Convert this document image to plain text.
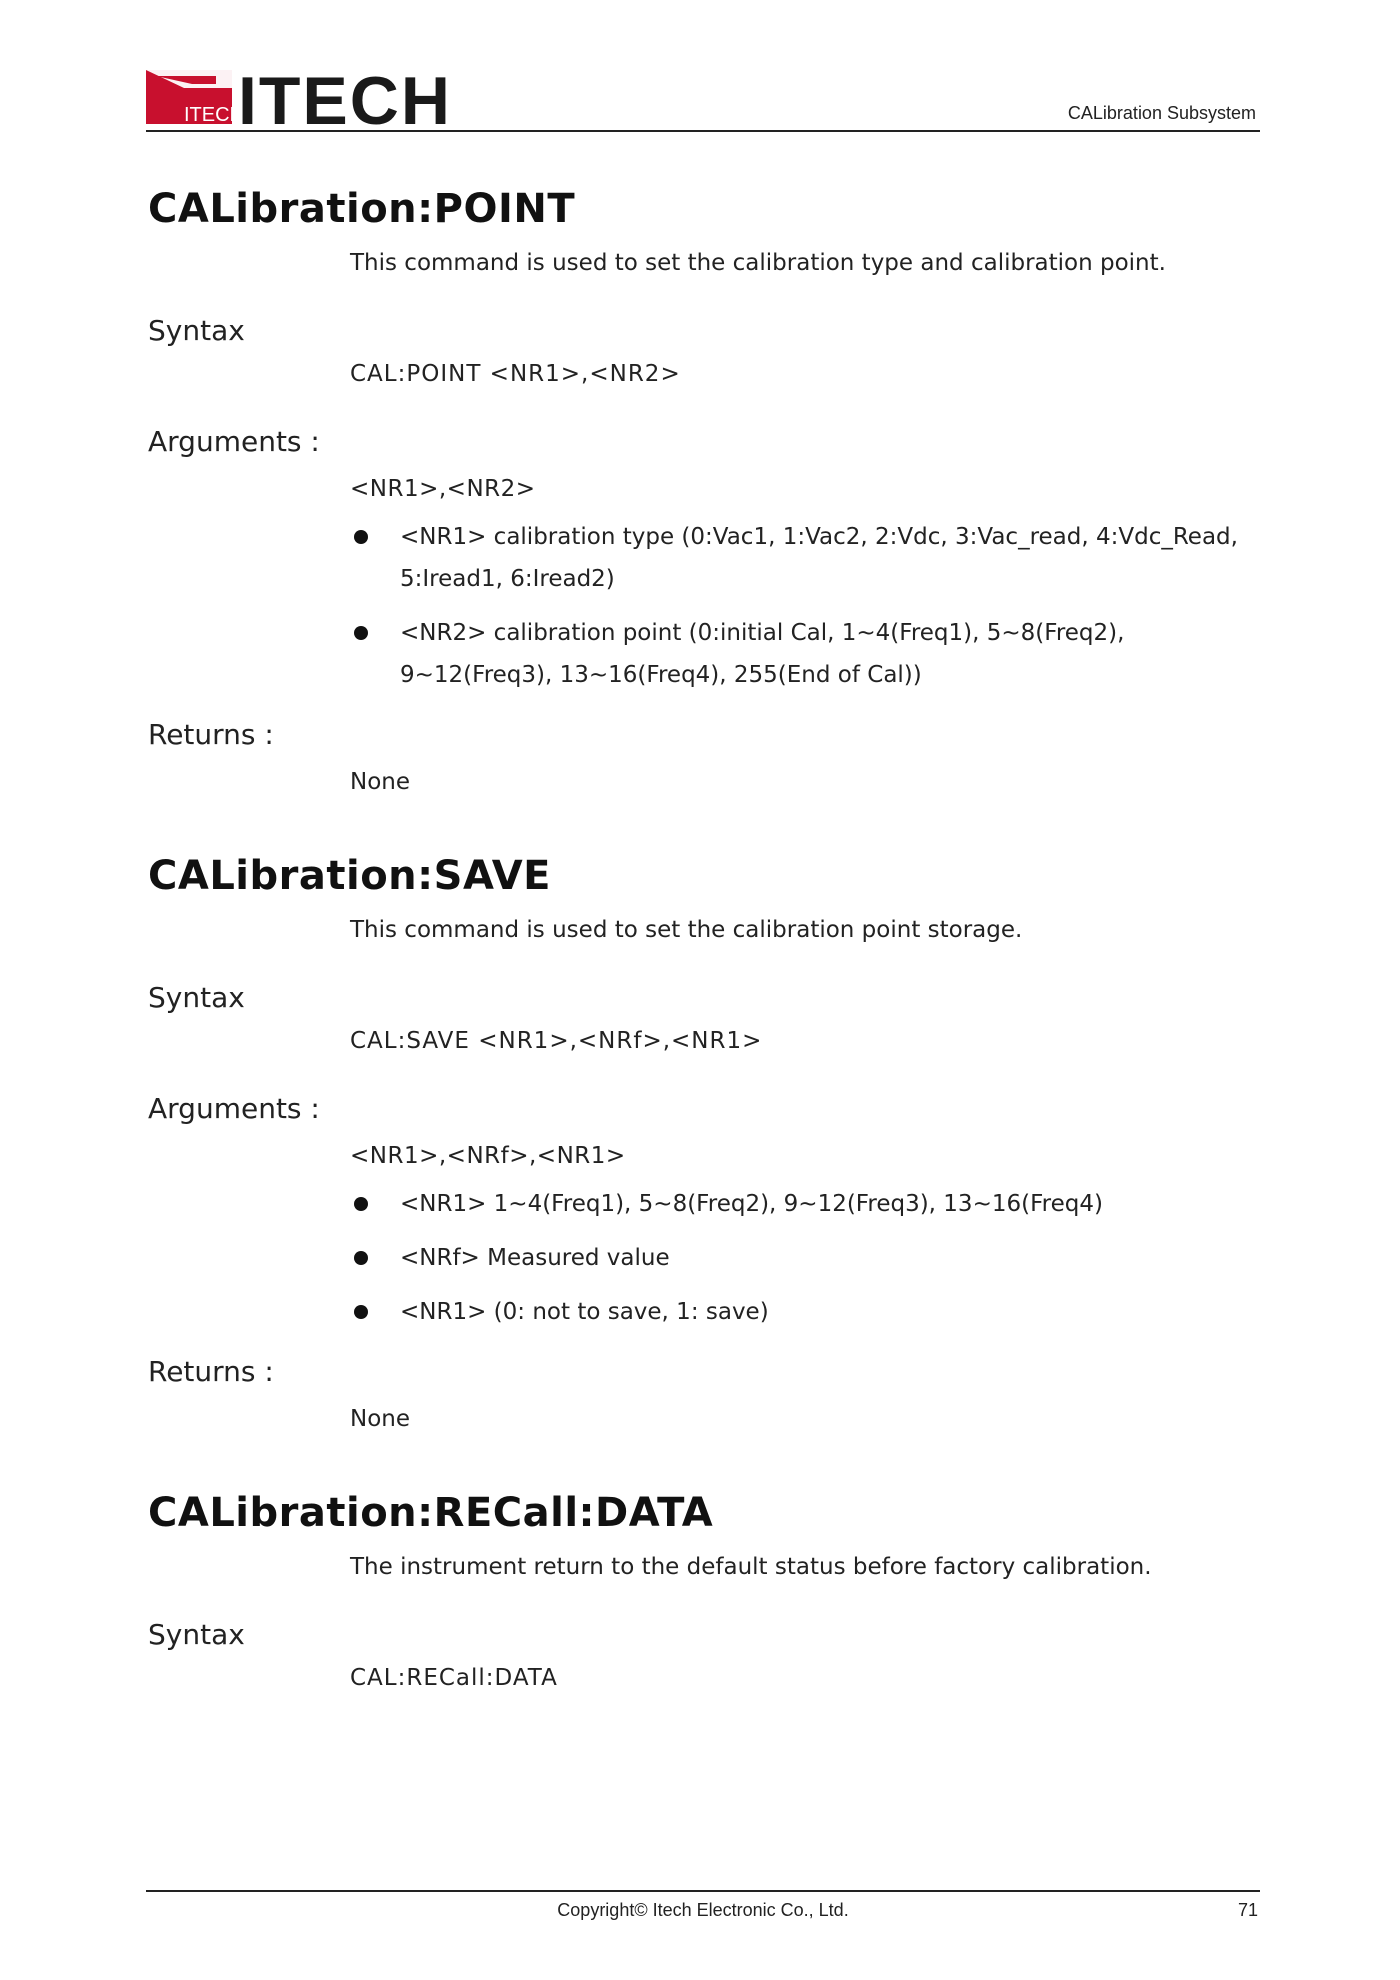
ITECH
ITECH	CALibration Subsystem
CALibration:POINT
This command is used to set the calibration type and calibration point.
Syntax
CAL:POINT <NR1>,<NR2>
Arguments :
<NR1>,<NR2>
<NR1> calibration type (0:Vac1, 1:Vac2, 2:Vdc, 3:Vac_read, 4:Vdc_Read, 5:Iread1, 6:Iread2)
<NR2> calibration point (0:initial Cal, 1~4(Freq1), 5~8(Freq2), 9~12(Freq3), 13~16(Freq4), 255(End of Cal))
Returns :
None
CALibration:SAVE
This command is used to set the calibration point storage.
Syntax
CAL:SAVE <NR1>,<NRf>,<NR1>
Arguments :
<NR1>,<NRf>,<NR1>
<NR1> 1~4(Freq1), 5~8(Freq2), 9~12(Freq3), 13~16(Freq4)
<NRf> Measured value
<NR1> (0: not to save, 1: save)
Returns :
None
CALibration:RECall:DATA
The instrument return to the default status before factory calibration.
Syntax
CAL:RECall:DATA
Copyright© Itech Electronic Co., Ltd.	71
